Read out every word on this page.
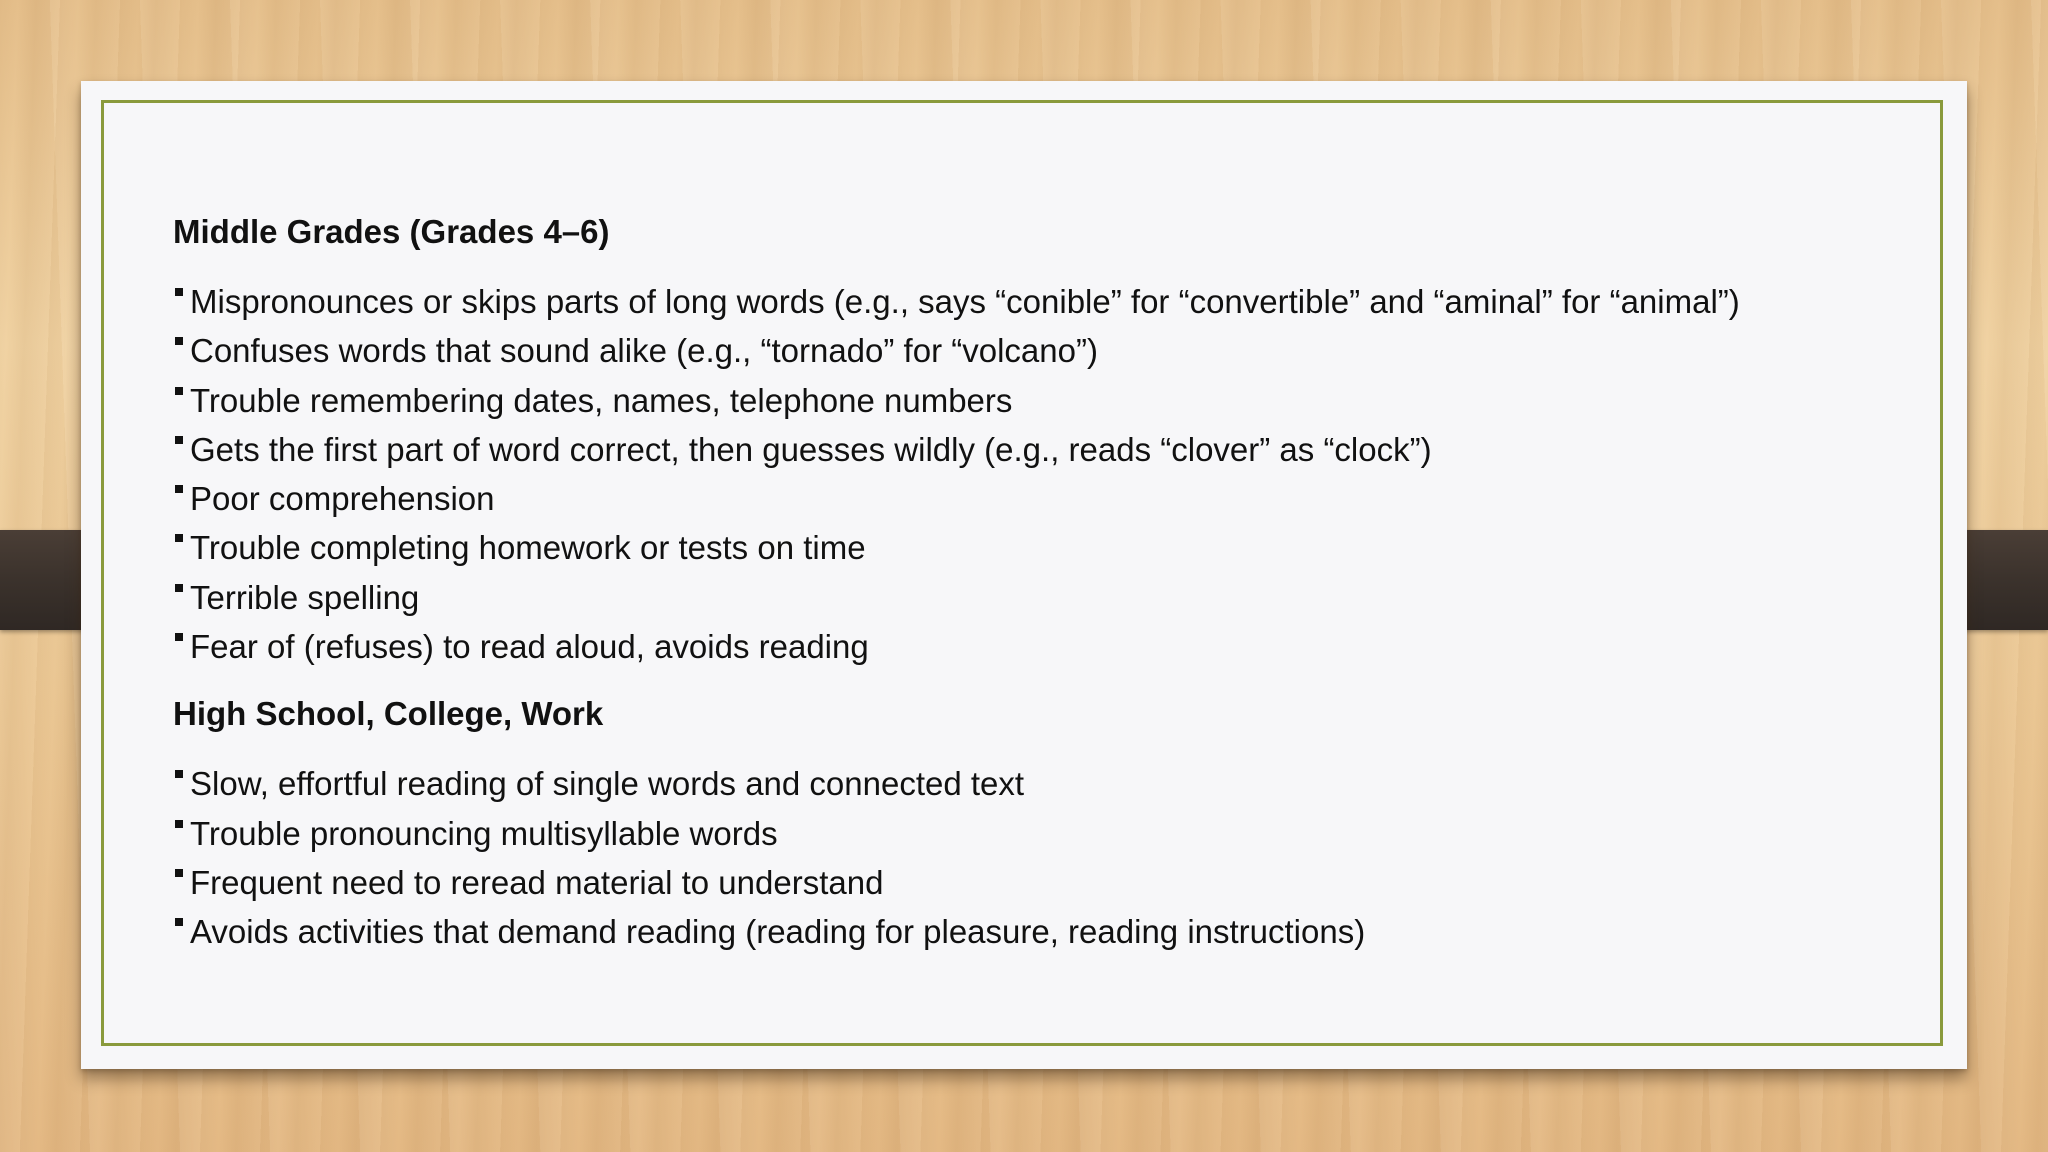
Middle Grades (Grades 4–6)
Mispronounces or skips parts of long words (e.g., says “conible” for “convertible” and “aminal” for “animal”)
Confuses words that sound alike (e.g., “tornado” for “volcano”)
Trouble remembering dates, names, telephone numbers
Gets the first part of word correct, then guesses wildly (e.g., reads “clover” as “clock”)
Poor comprehension
Trouble completing homework or tests on time
Terrible spelling
Fear of (refuses) to read aloud, avoids reading
High School, College, Work
Slow, effortful reading of single words and connected text
Trouble pronouncing multisyllable words
Frequent need to reread material to understand
Avoids activities that demand reading (reading for pleasure, reading instructions)
